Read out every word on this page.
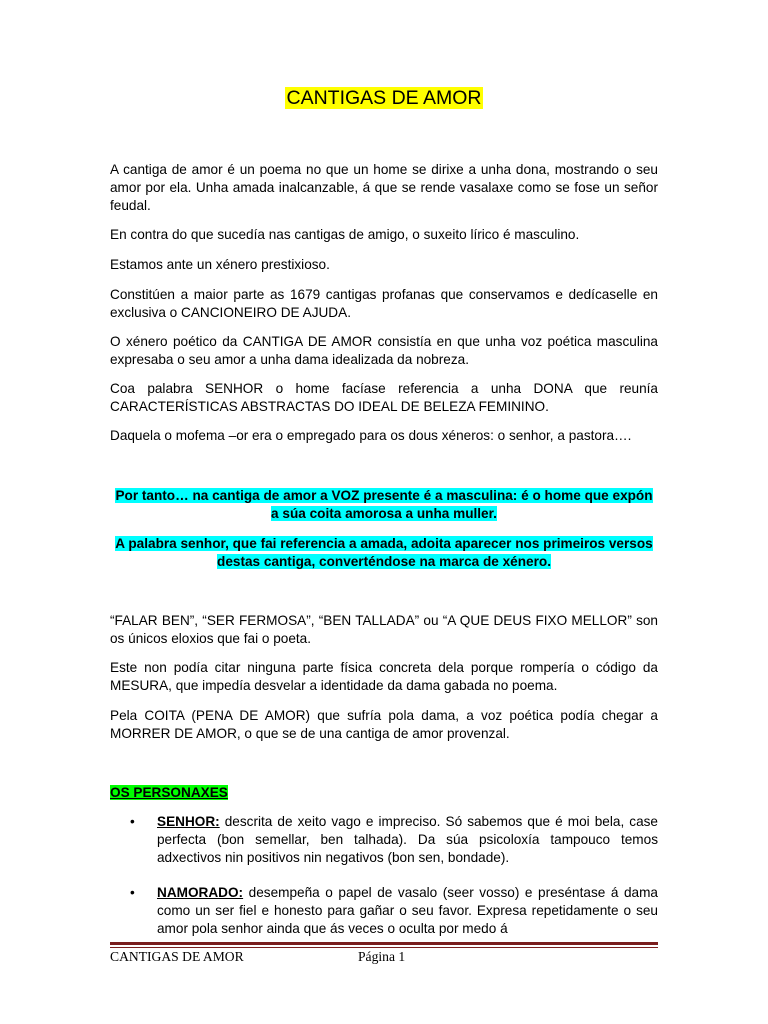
CANTIGAS DE AMOR

A cantiga de amor é un poema no que un home se dirixe a unha dona, mostrando o seu amor por ela. Unha amada inalcanzable, á que se rende vasalaxe como se fose un señor feudal.

En contra do que sucedía nas cantigas de amigo, o suxeito lírico é masculino.

Estamos ante un xénero prestixioso.

Constitúen a maior parte as 1679 cantigas profanas que conservamos e dedícaselle en exclusiva o CANCIONEIRO DE AJUDA.

O xénero poético da CANTIGA DE AMOR consistía en que unha voz poética masculina expresaba o seu amor a unha dama idealizada da nobreza.

Coa palabra SENHOR o home facíase referencia a unha DONA que reunía CARACTERÍSTICAS ABSTRACTAS DO IDEAL DE BELEZA FEMININO.

Daquela o mofema –or era o empregado para os dous xéneros: o senhor, a pastora….

Por tanto… na cantiga de amor a VOZ presente é a masculina: é o home que expón a súa coita amorosa a unha muller.

A palabra senhor, que fai referencia a amada, adoita aparecer nos primeiros versos destas cantiga, converténdose na marca de xénero.

“FALAR BEN”, “SER FERMOSA”, “BEN TALLADA” ou “A QUE DEUS FIXO MELLOR” son os únicos eloxios que fai o poeta.

Este non podía citar ninguna parte física concreta dela porque rompería o código da MESURA, que impedía desvelar a identidade da dama gabada no poema.

Pela COITA (PENA DE AMOR) que sufría pola dama, a voz poética podía chegar a MORRER DE AMOR, o que se de una cantiga de amor provenzal.

OS PERSONAXES
• SENHOR: descrita de xeito vago e impreciso. Só sabemos que é moi bela, case perfecta (bon semellar, ben talhada). Da súa psicoloxía tampouco temos adxectivos nin positivos nin negativos (bon sen, bondade).

• NAMORADO: desempeña o papel de vasalo (seer vosso) e preséntase á dama como un ser fiel e honesto para gañar o seu favor. Expresa repetidamente o seu amor pola senhor ainda que ás veces o oculta por medo á

CANTIGAS DE AMOR	Página 1
